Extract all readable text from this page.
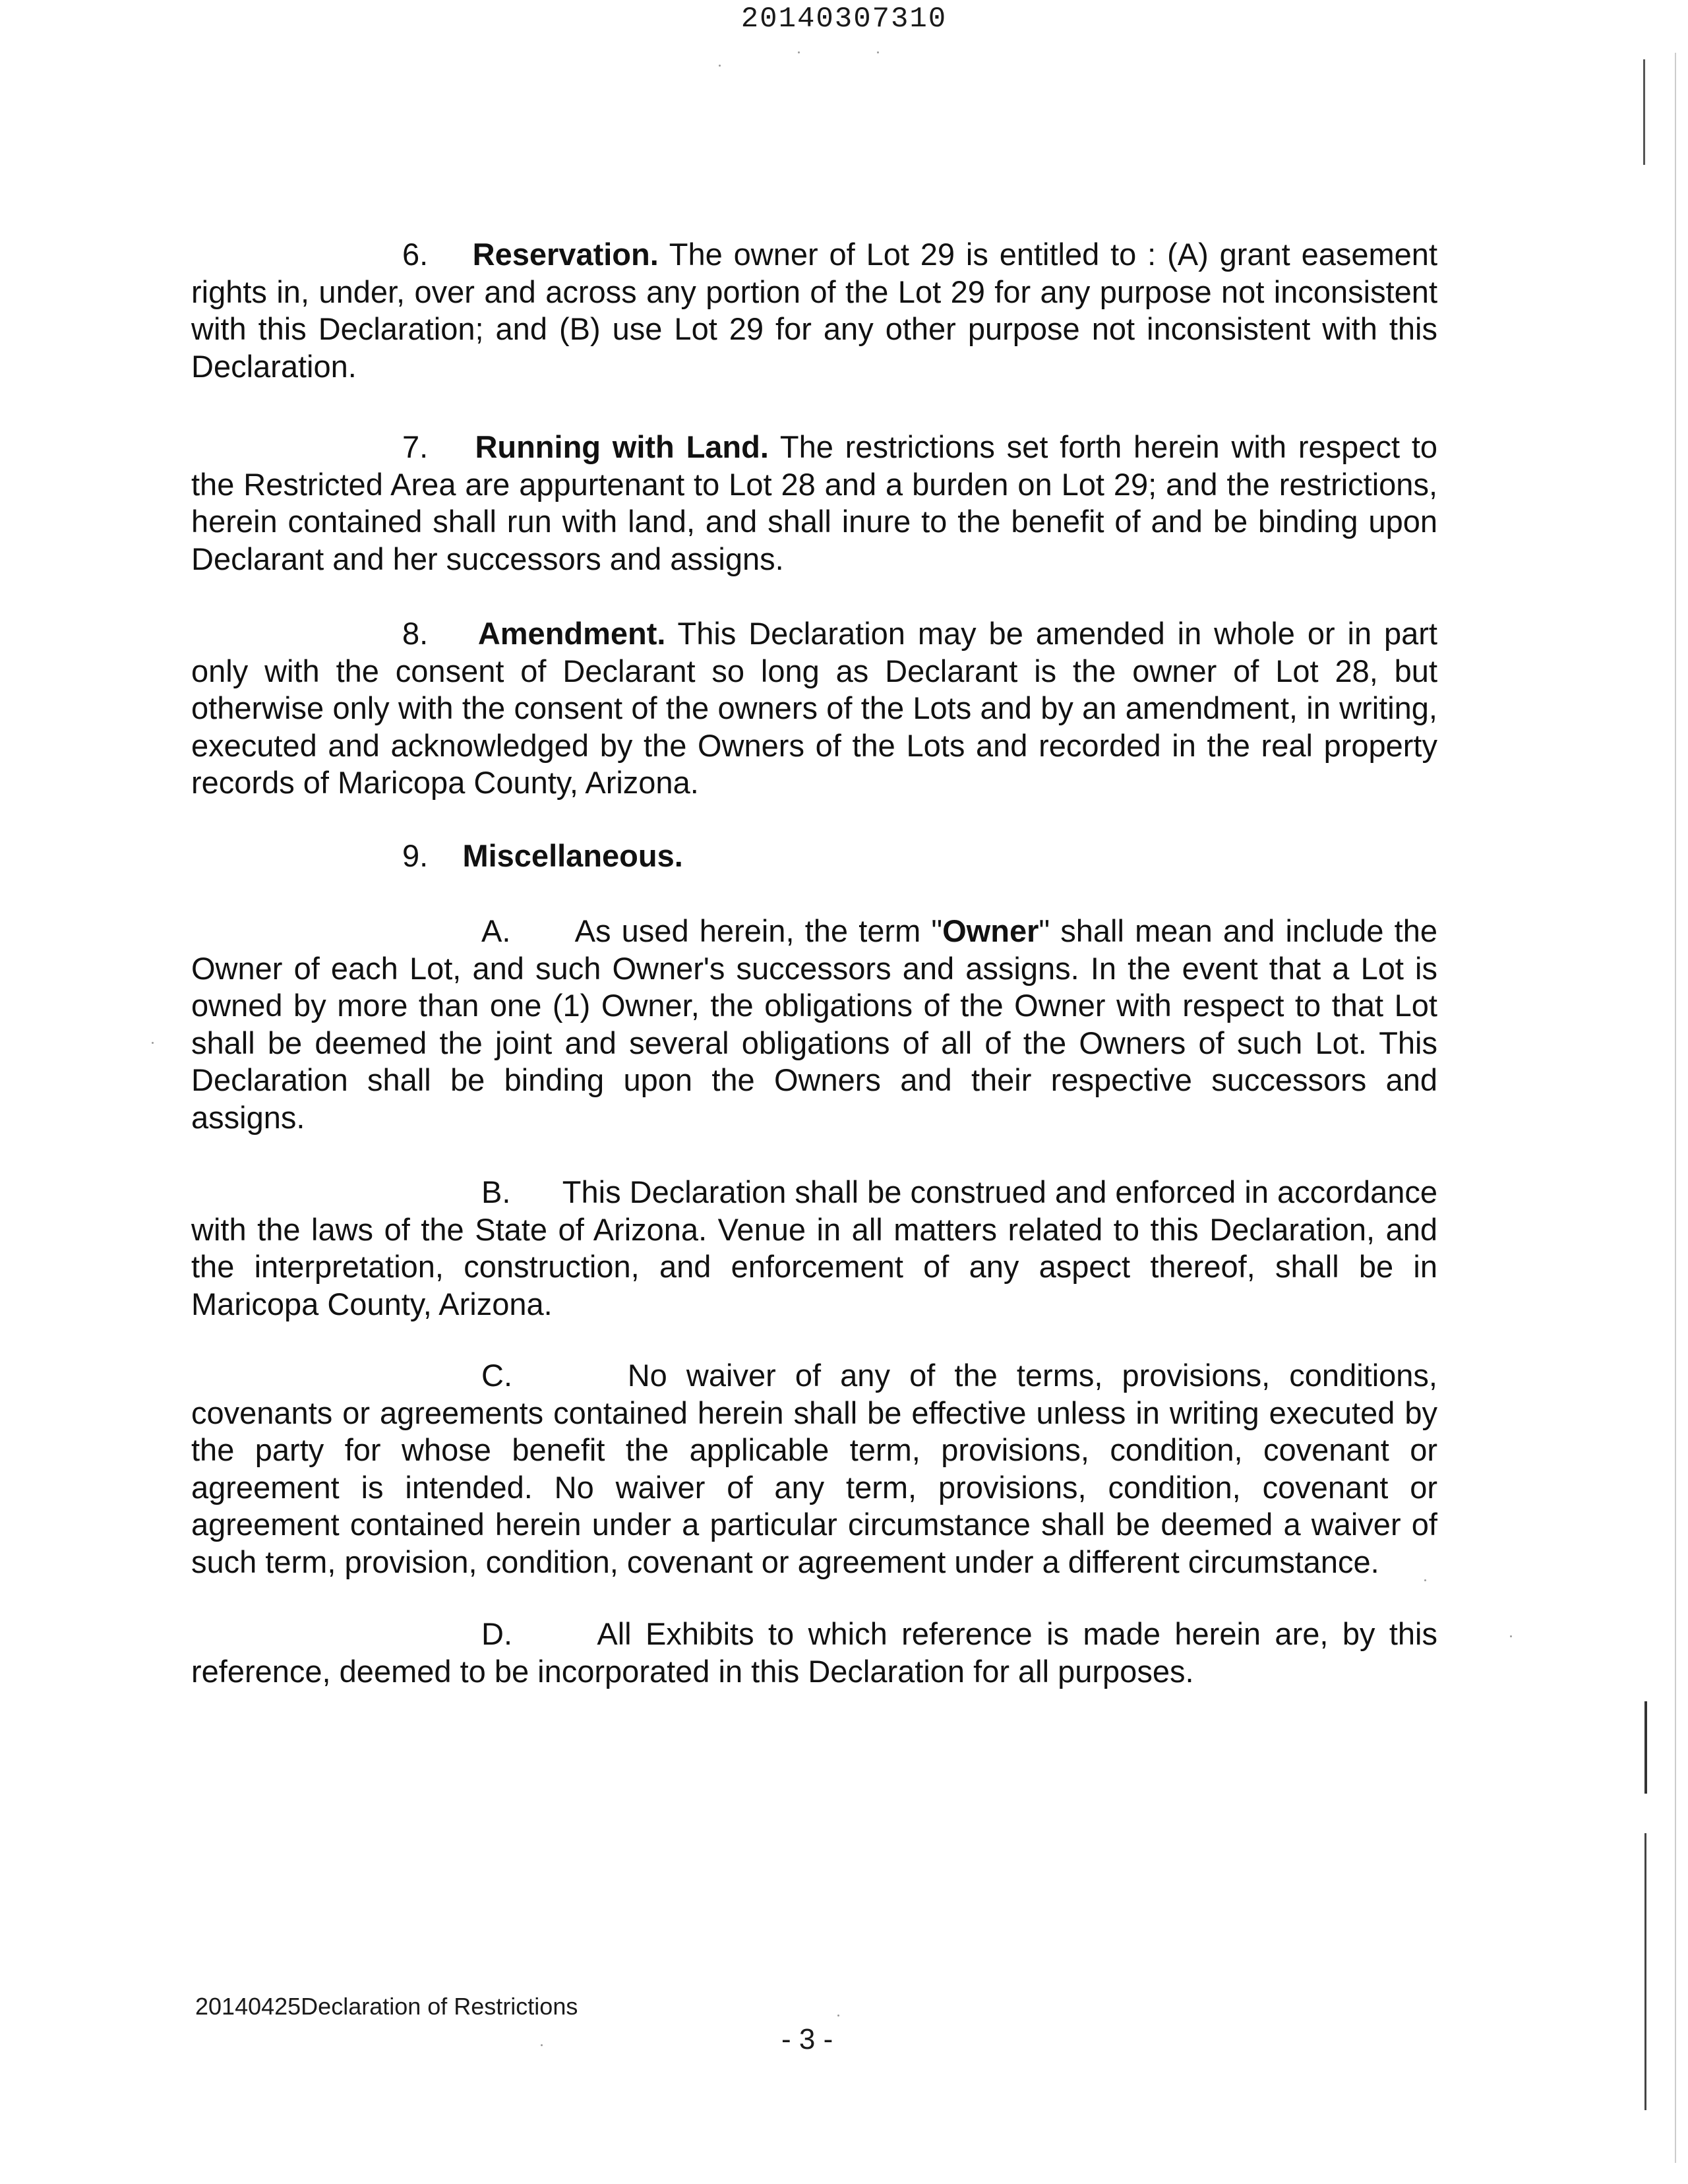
20140307310

6. Reservation. The owner of Lot 29 is entitled to : (A) grant easement rights in, under, over and across any portion of the Lot 29 for any purpose not inconsistent with this Declaration; and (B) use Lot 29 for any other purpose not inconsistent with this Declaration.

7. Running with Land. The restrictions set forth herein with respect to the Restricted Area are appurtenant to Lot 28 and a burden on Lot 29; and the restrictions, herein contained shall run with land, and shall inure to the benefit of and be binding upon Declarant and her successors and assigns.

8. Amendment. This Declaration may be amended in whole or in part only with the consent of Declarant so long as Declarant is the owner of Lot 28, but otherwise only with the consent of the owners of the Lots and by an amendment, in writing, executed and acknowledged by the Owners of the Lots and recorded in the real property records of Maricopa County, Arizona.

9. Miscellaneous.

A. As used herein, the term "Owner" shall mean and include the Owner of each Lot, and such Owner's successors and assigns. In the event that a Lot is owned by more than one (1) Owner, the obligations of the Owner with respect to that Lot shall be deemed the joint and several obligations of all of the Owners of such Lot. This Declaration shall be binding upon the Owners and their respective successors and assigns.

B. This Declaration shall be construed and enforced in accordance with the laws of the State of Arizona. Venue in all matters related to this Declaration, and the interpretation, construction, and enforcement of any aspect thereof, shall be in Maricopa County, Arizona.

C.	No waiver of any of the terms, provisions, conditions, covenants or agreements contained herein shall be effective unless in writing executed by the party for whose benefit the applicable term, provisions, condition, covenant or agreement is intended. No waiver of any term, provisions, condition, covenant or agreement contained herein under a particular circumstance shall be deemed a waiver of such term, provision, condition, covenant or agreement under a different circumstance.

D.	All Exhibits to which reference is made herein are, by this reference, deemed to be incorporated in this Declaration for all purposes.

20140425Declaration of Restrictions
- 3 -
